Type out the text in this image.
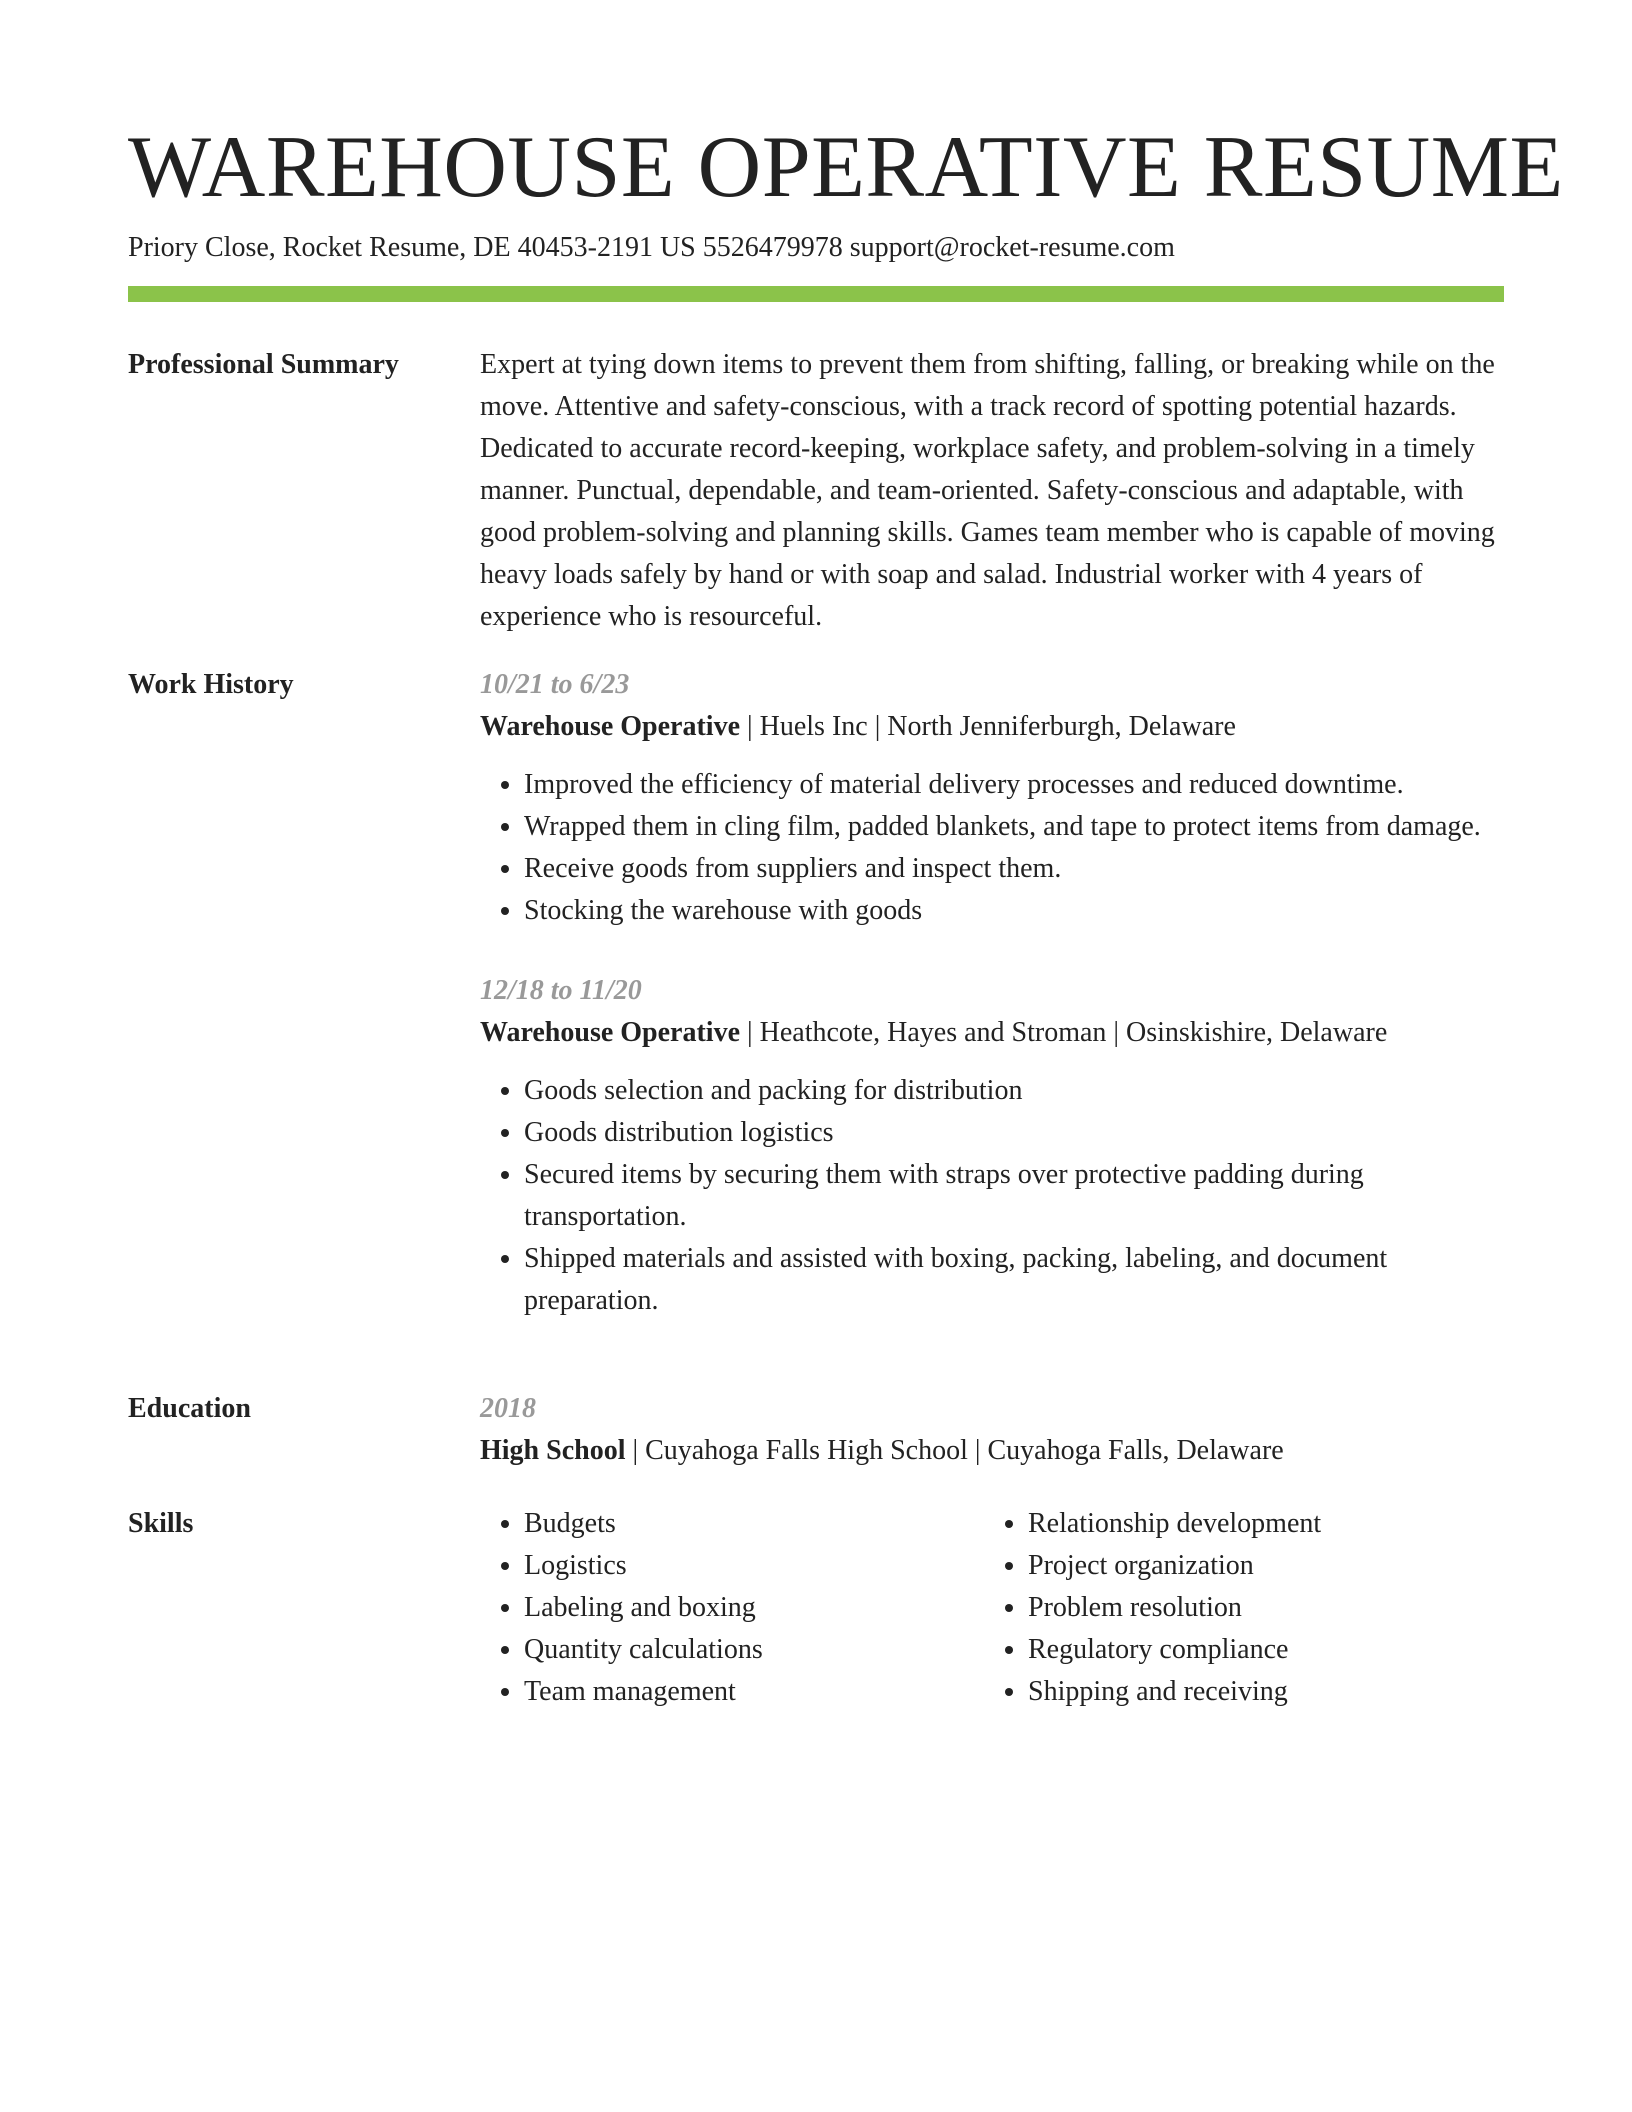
WAREHOUSE OPERATIVE RESUME
Priory Close, Rocket Resume, DE 40453-2191 US 5526479978 support@rocket-resume.com
Professional Summary	Expert at tying down items to prevent them from shifting, falling, or breaking while on the move. Attentive and safety-conscious, with a track record of spotting potential hazards. Dedicated to accurate record-keeping, workplace safety, and problem-solving in a timely manner. Punctual, dependable, and team-oriented. Safety-conscious and adaptable, with good problem-solving and planning skills. Games team member who is capable of moving heavy loads safely by hand or with soap and salad. Industrial worker with 4 years of experience who is resourceful.

Work History	10/21 to 6/23
Warehouse Operative | Huels Inc | North Jenniferburgh, Delaware
• Improved the efficiency of material delivery processes and reduced downtime.
• Wrapped them in cling film, padded blankets, and tape to protect items from damage.
• Receive goods from suppliers and inspect them.
• Stocking the warehouse with goods
12/18 to 11/20
Warehouse Operative | Heathcote, Hayes and Stroman | Osinskishire, Delaware
• Goods selection and packing for distribution
• Goods distribution logistics
• Secured items by securing them with straps over protective padding during transportation.
• Shipped materials and assisted with boxing, packing, labeling, and document preparation.
Education	2018
High School | Cuyahoga Falls High School | Cuyahoga Falls, Delaware
Skills
•	Budgets
• Logistics
• Labeling and boxing
• Quantity calculations
• Team management
• Relationship development
• Project organization
• Problem resolution
• Regulatory compliance
• Shipping and receiving
